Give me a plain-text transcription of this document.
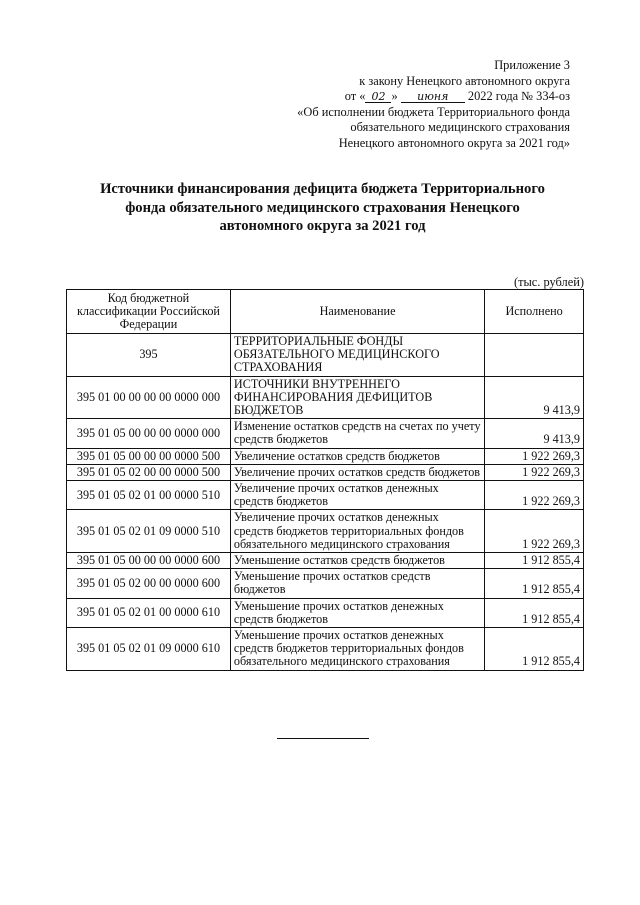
Приложение 3
к закону Ненецкого автономного округа
от « 02 » июня 2022 года № 334-оз
«Об исполнении бюджета Территориального фонда
обязательного медицинского страхования
Ненецкого автономного округа за 2021 год»
Источники финансирования дефицита бюджета Территориального
фонда обязательного медицинского страхования Ненецкого
автономного округа за 2021 год
(тыс. рублей)
Код бюджетной классификации Российской Федерации	Наименование	Исполнено
395	ТЕРРИТОРИАЛЬНЫЕ ФОНДЫ ОБЯЗАТЕЛЬНОГО МЕДИЦИНСКОГО СТРАХОВАНИЯ	
395 01 00 00 00 00 0000 000	ИСТОЧНИКИ ВНУТРЕННЕГО ФИНАНСИРОВАНИЯ ДЕФИЦИТОВ БЮДЖЕТОВ	9 413,9
395 01 05 00 00 00 0000 000	Изменение остатков средств на счетах по учету средств бюджетов	9 413,9
395 01 05 00 00 00 0000 500	Увеличение остатков средств бюджетов	1 922 269,3
395 01 05 02 00 00 0000 500	Увеличение прочих остатков средств бюджетов	1 922 269,3
395 01 05 02 01 00 0000 510	Увеличение прочих остатков денежных средств бюджетов	1 922 269,3
395 01 05 02 01 09 0000 510	Увеличение прочих остатков денежных средств бюджетов территориальных фондов обязательного медицинского страхования	1 922 269,3
395 01 05 00 00 00 0000 600	Уменьшение остатков средств бюджетов	1 912 855,4
395 01 05 02 00 00 0000 600	Уменьшение прочих остатков средств бюджетов	1 912 855,4
395 01 05 02 01 00 0000 610	Уменьшение прочих остатков денежных средств бюджетов	1 912 855,4
395 01 05 02 01 09 0000 610	Уменьшение прочих остатков денежных средств бюджетов территориальных фондов обязательного медицинского страхования	1 912 855,4
